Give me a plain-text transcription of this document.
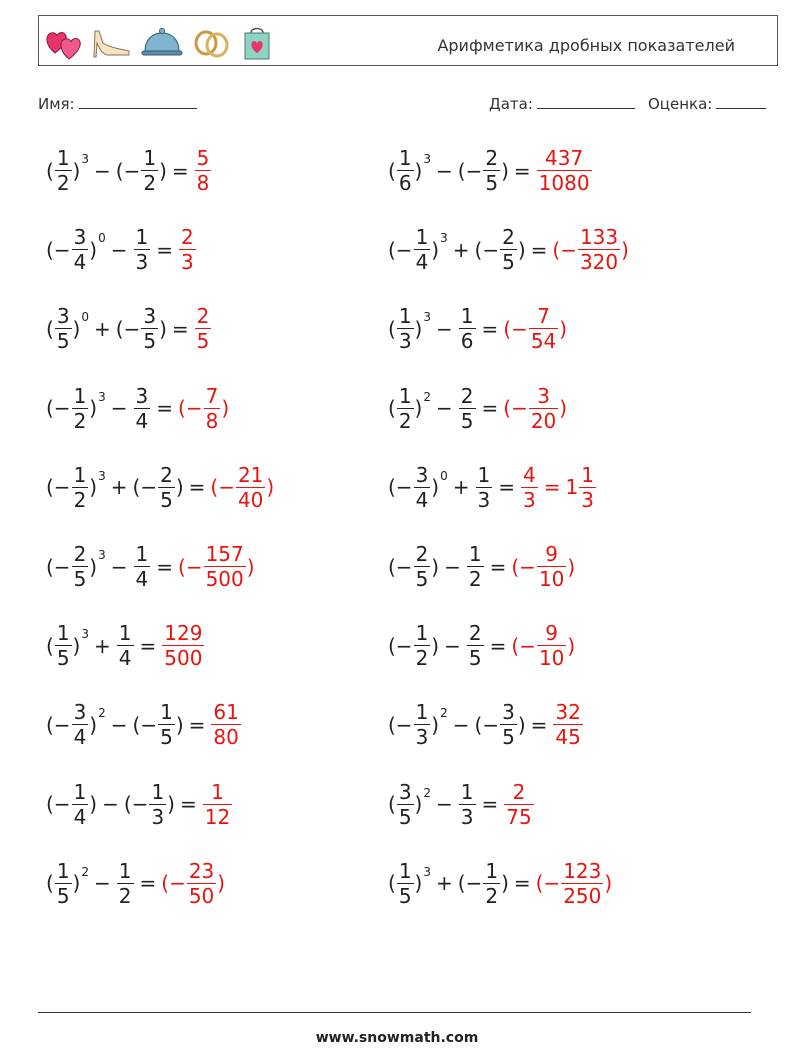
Арифметика дробных показателей
Имя:	Дата:	Оценка:
( $\frac{1}{2}$ ) 3 − (− $\frac{1}{2}$ ) = $\frac{5}{8}$	( $\frac{1}{6}$ ) 3 − (− $\frac{2}{5}$ ) = $\frac{437}{1080}$
(− $\frac{3}{4}$ ) $0 - \frac{1}{3} = \frac{2}{3}$	(− $\frac{1}{4}$ ) 3 + (− $\frac{2}{5}$ ) = (− $\frac{133}{320}$ )
( $\frac{3}{5}$ ) 0 + (− $\frac{3}{5}$ ) = $\frac{2}{5}$	( $\frac{1}{3}$ ) $3 - \frac{1}{6}$ = (− $\frac{7}{54}$ )
(− $\frac{1}{2}$ ) $3 - \frac{3}{4}$ = (− $\frac{7}{8}$ )	( $\frac{1}{2}$ ) $2 - \frac{2}{5}$ = (− $\frac{3}{20}$ )
(− $\frac{1}{2}$ ) 3 + (− $\frac{2}{5}$ ) = (− $\frac{21}{40}$ )	(− $\frac{3}{4}$ ) $0 + \frac{1}{3} = \frac{4}{3} = 1 \frac{1}{3}$
(− $\frac{2}{5}$ ) $3 - \frac{1}{4}$ = (− $\frac{157}{500}$ )	(− $\frac{2}{5}$ ) − $\frac{1}{2}$ = (− $\frac{9}{10}$ )
( $\frac{1}{5}$ ) $3 + \frac{1}{4} = \frac{129}{500}$	(− $\frac{1}{2}$ ) − $\frac{2}{5}$ = (− $\frac{9}{10}$ )
(− $\frac{3}{4}$ ) 2 − (− $\frac{1}{5}$ ) = $\frac{61}{80}$	(− $\frac{1}{3}$ ) 2 − (− $\frac{3}{5}$ ) = $\frac{32}{45}$
(− $\frac{1}{4}$ ) − (− $\frac{1}{3}$ ) = $\frac{1}{12}$	( $\frac{3}{5}$ ) $2 - \frac{1}{3} = \frac{2}{75}$
( $\frac{1}{5}$ ) $2 - \frac{1}{2}$ = (− $\frac{23}{50}$ )	( $\frac{1}{5}$ ) 3 + (− $\frac{1}{2}$ ) = (− $\frac{123}{250}$ )
www.snowmath.com
